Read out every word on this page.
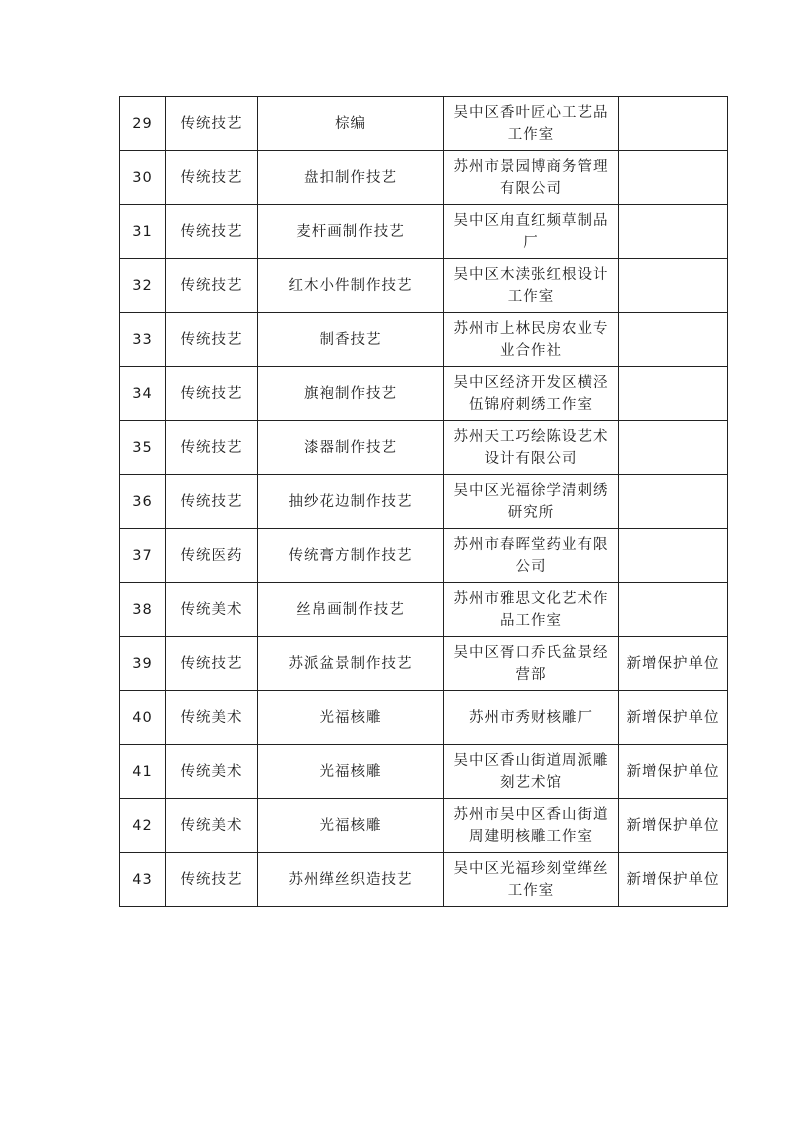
29	传统技艺	棕编	吴中区香叶匠心工艺品工作室	
30	传统技艺	盘扣制作技艺	苏州市景园博商务管理有限公司	
31	传统技艺	麦杆画制作技艺	吴中区甪直红频草制品厂	
32	传统技艺	红木小件制作技艺	吴中区木渎张红根设计工作室	
33	传统技艺	制香技艺	苏州市上林民房农业专业合作社	
34	传统技艺	旗袍制作技艺	吴中区经济开发区横泾伍锦府刺绣工作室	
35	传统技艺	漆器制作技艺	苏州天工巧绘陈设艺术设计有限公司	
36	传统技艺	抽纱花边制作技艺	吴中区光福徐学清刺绣研究所	
37	传统医药	传统膏方制作技艺	苏州市春晖堂药业有限公司	
38	传统美术	丝帛画制作技艺	苏州市雅思文化艺术作品工作室	
39	传统技艺	苏派盆景制作技艺	吴中区胥口乔氏盆景经营部	新增保护单位
40	传统美术	光福核雕	苏州市秀财核雕厂	新增保护单位
41	传统美术	光福核雕	吴中区香山街道周派雕刻艺术馆	新增保护单位
42	传统美术	光福核雕	苏州市吴中区香山街道周建明核雕工作室	新增保护单位
43	传统技艺	苏州缂丝织造技艺	吴中区光福珍刻堂缂丝工作室	新增保护单位
